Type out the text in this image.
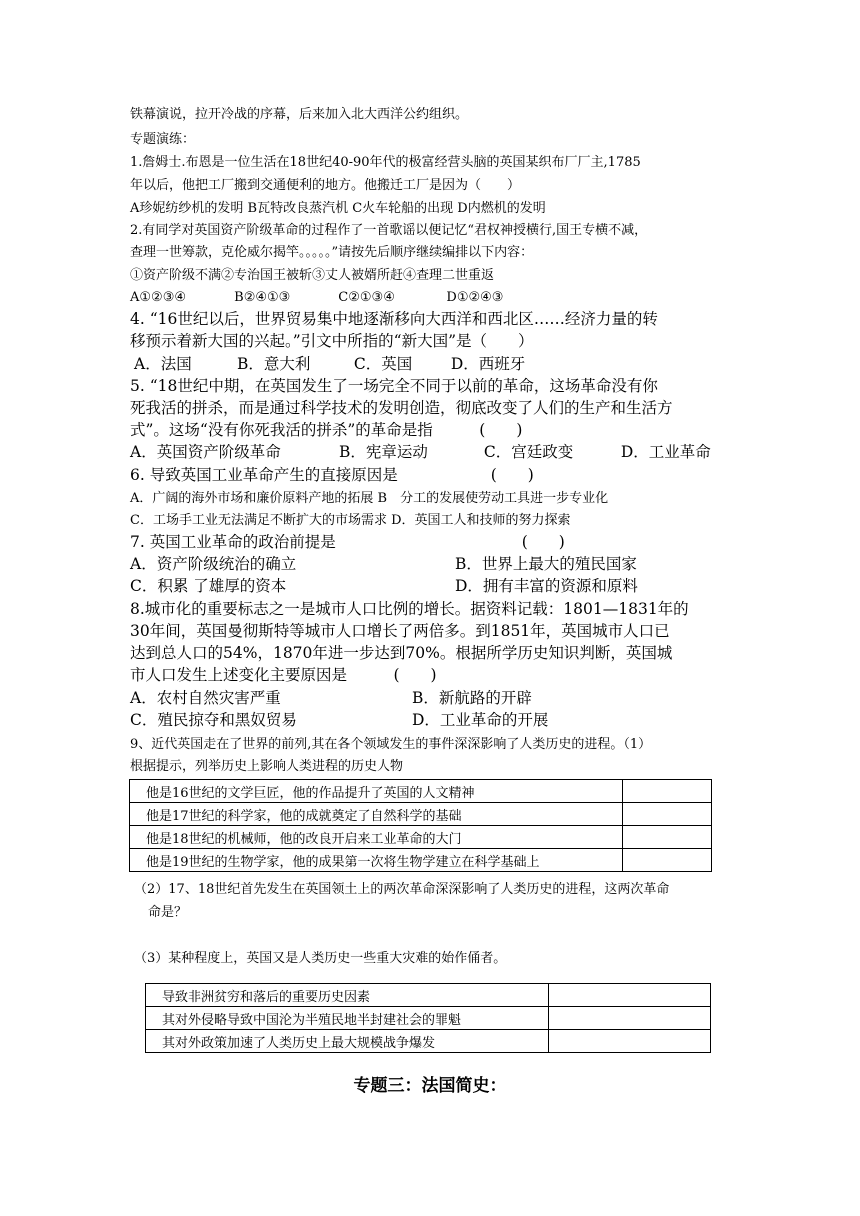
铁幕演说，拉开冷战的序幕，后来加入北大西洋公约组织。
专题演练：
1.詹姆士.布恩是一位生活在18世纪40-90年代的极富经营头脑的英国某织布厂厂主,1785
年以后，他把工厂搬到交通便利的地方。他搬迁工厂是因为（　　）
A珍妮纺纱机的发明 B瓦特改良蒸汽机 C火车轮船的出现 D内燃机的发明
2.有同学对英国资产阶级革命的过程作了一首歌谣以便记忆“君权神授横行,国王专横不减，
查理一世筹款，克伦威尔揭竿。。。。。”请按先后顺序继续编排以下内容：
①资产阶级不满②专治国王被斩③丈人被婿所赶④查理二世重返
A①②③④	B②④①③	C②①③④	D①②④③
4. “16世纪以后，世界贸易集中地逐渐移向大西洋和西北区……经济力量的转
移预示着新大国的兴起。”引文中所指的“新大国”是（　　）
A．法国	B．意大利	C．英国 D．西班牙
5. “18世纪中期，在英国发生了一场完全不同于以前的革命，这场革命没有你
死我活的拼杀，而是通过科学技术的发明创造，彻底改变了人们的生产和生活方
式”。这场“没有你死我活的拼杀”的革命是指　　　(　　)
A．英国资产阶级革命	B．宪章运动	C．宫廷政变	D．工业革命
6. 导致英国工业革命产生的直接原因是　　　　　　(　　)
A．广阔的海外市场和廉价原料产地的拓展 B　分工的发展使劳动工具进一步专业化
C．工场手工业无法满足不断扩大的市场需求 D．英国工人和技师的努力探索
7. 英国工业革命的政治前提是　　　　　　　　　　　　(　　)
A．资产阶级统治的确立	B．世界上最大的殖民国家
C．积累 了雄厚的资本	D．拥有丰富的资源和原料
8.城市化的重要标志之一是城市人口比例的增长。据资料记载：1801—1831年的
30年间，英国曼彻斯特等城市人口增长了两倍多。到1851年，英国城市人口已
达到总人口的54%，1870年进一步达到70%。根据所学历史知识判断，英国城
市人口发生上述变化主要原因是　　　(　　)
A．农村自然灾害严重	B．新航路的开辟
C．殖民掠夺和黑奴贸易	D．工业革命的开展
9、近代英国走在了世界的前列,其在各个领域发生的事件深深影响了人类历史的进程。（1）
根据提示，列举历史上影响人类进程的历史人物
他是16世纪的文学巨匠，他的作品提升了英国的人文精神	
他是17世纪的科学家，他的成就奠定了自然科学的基础	
他是18世纪的机械师，他的改良开启来工业革命的大门	
他是19世纪的生物学家，他的成果第一次将生物学建立在科学基础上	
（2）17、18世纪首先发生在英国领土上的两次革命深深影响了人类历史的进程，这两次革命
命是？
（3）某种程度上，英国又是人类历史一些重大灾难的始作俑者。
导致非洲贫穷和落后的重要历史因素	
其对外侵略导致中国沦为半殖民地半封建社会的罪魁	
其对外政策加速了人类历史上最大规模战争爆发	
专题三：法国简史：
